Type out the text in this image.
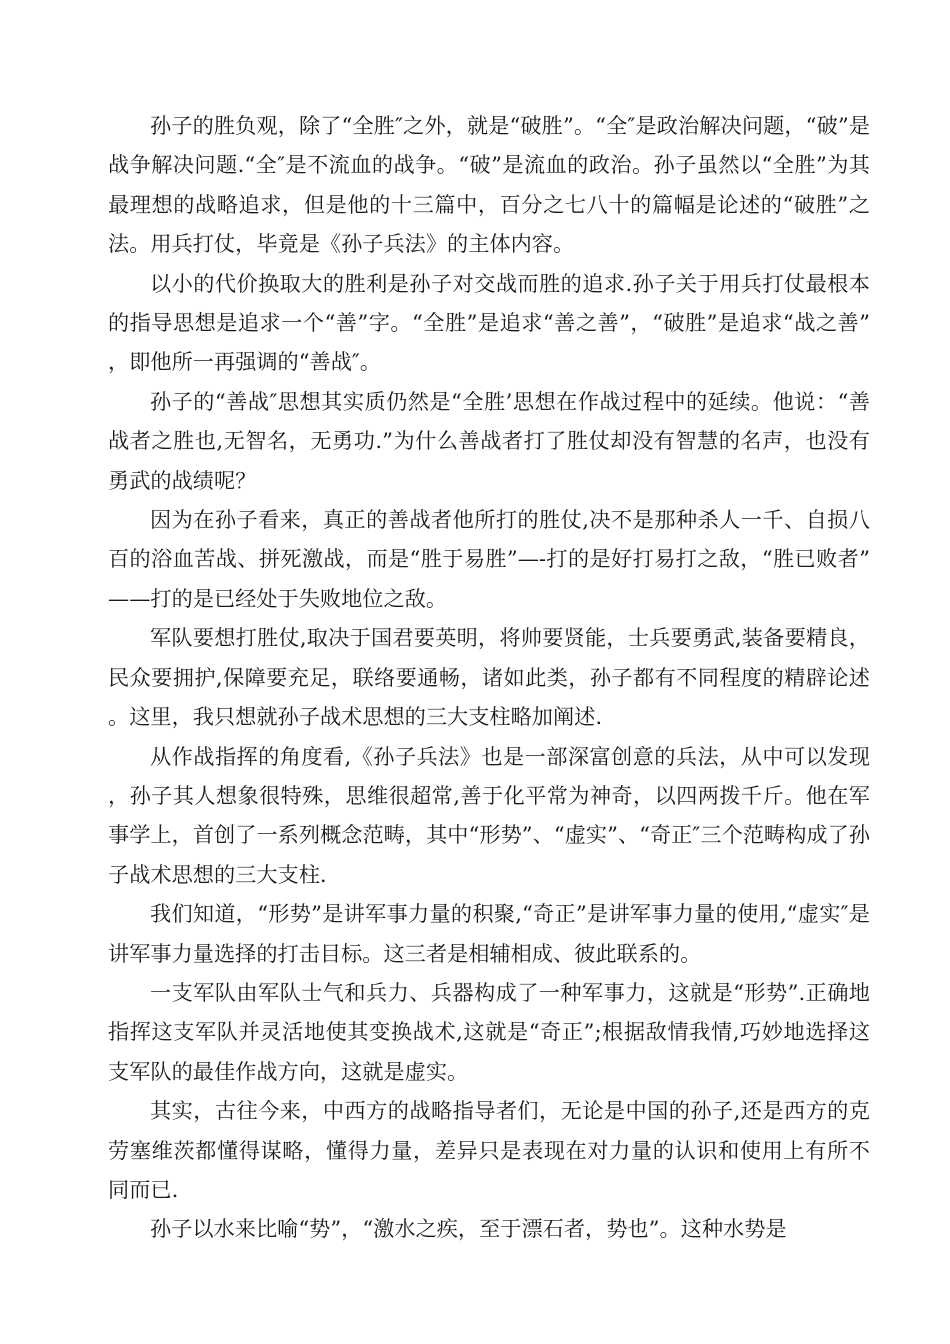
孙子的胜负观，除了“全胜″之外，就是“破胜”。“全″是政治解决问题，“破”是战争解决问题.“全″是不流血的战争。“破”是流血的政治。孙子虽然以“全胜”为其最理想的战略追求，但是他的十三篇中，百分之七八十的篇幅是论述的“破胜”之法。用兵打仗，毕竟是《孙子兵法》的主体内容。

以小的代价换取大的胜利是孙子对交战而胜的追求.孙子关于用兵打仗最根本的指导思想是追求一个“善”字。“全胜”是追求“善之善”，“破胜”是追求“战之善”，即他所一再强调的“善战″。

孙子的“善战″思想其实质仍然是“全胜’思想在作战过程中的延续。他说：“善战者之胜也,无智名，无勇功.”为什么善战者打了胜仗却没有智慧的名声，也没有勇武的战绩呢？

因为在孙子看来，真正的善战者他所打的胜仗,决不是那种杀人一千、自损八百的浴血苦战、拼死激战，而是“胜于易胜”—-打的是好打易打之敌，“胜已败者”——打的是已经处于失败地位之敌。

军队要想打胜仗,取决于国君要英明，将帅要贤能，士兵要勇武,装备要精良，民众要拥护,保障要充足，联络要通畅，诸如此类，孙子都有不同程度的精辟论述。这里，我只想就孙子战术思想的三大支柱略加阐述.

从作战指挥的角度看,《孙子兵法》也是一部深富创意的兵法，从中可以发现，孙子其人想象很特殊，思维很超常,善于化平常为神奇，以四两拨千斤。他在军事学上，首创了一系列概念范畴，其中“形势”、“虚实”、“奇正″三个范畴构成了孙子战术思想的三大支柱.

我们知道，“形势”是讲军事力量的积聚,“奇正”是讲军事力量的使用,“虚实″是讲军事力量选择的打击目标。这三者是相辅相成、彼此联系的。

一支军队由军队士气和兵力、兵器构成了一种军事力，这就是“形势”.正确地指挥这支军队并灵活地使其变换战术,这就是“奇正”;根据敌情我情,巧妙地选择这支军队的最佳作战方向，这就是虚实。

其实，古往今来，中西方的战略指导者们，无论是中国的孙子,还是西方的克劳塞维茨都懂得谋略，懂得力量，差异只是表现在对力量的认识和使用上有所不同而已.

孙子以水来比喻“势”，“激水之疾，至于漂石者，势也”。这种水势是
